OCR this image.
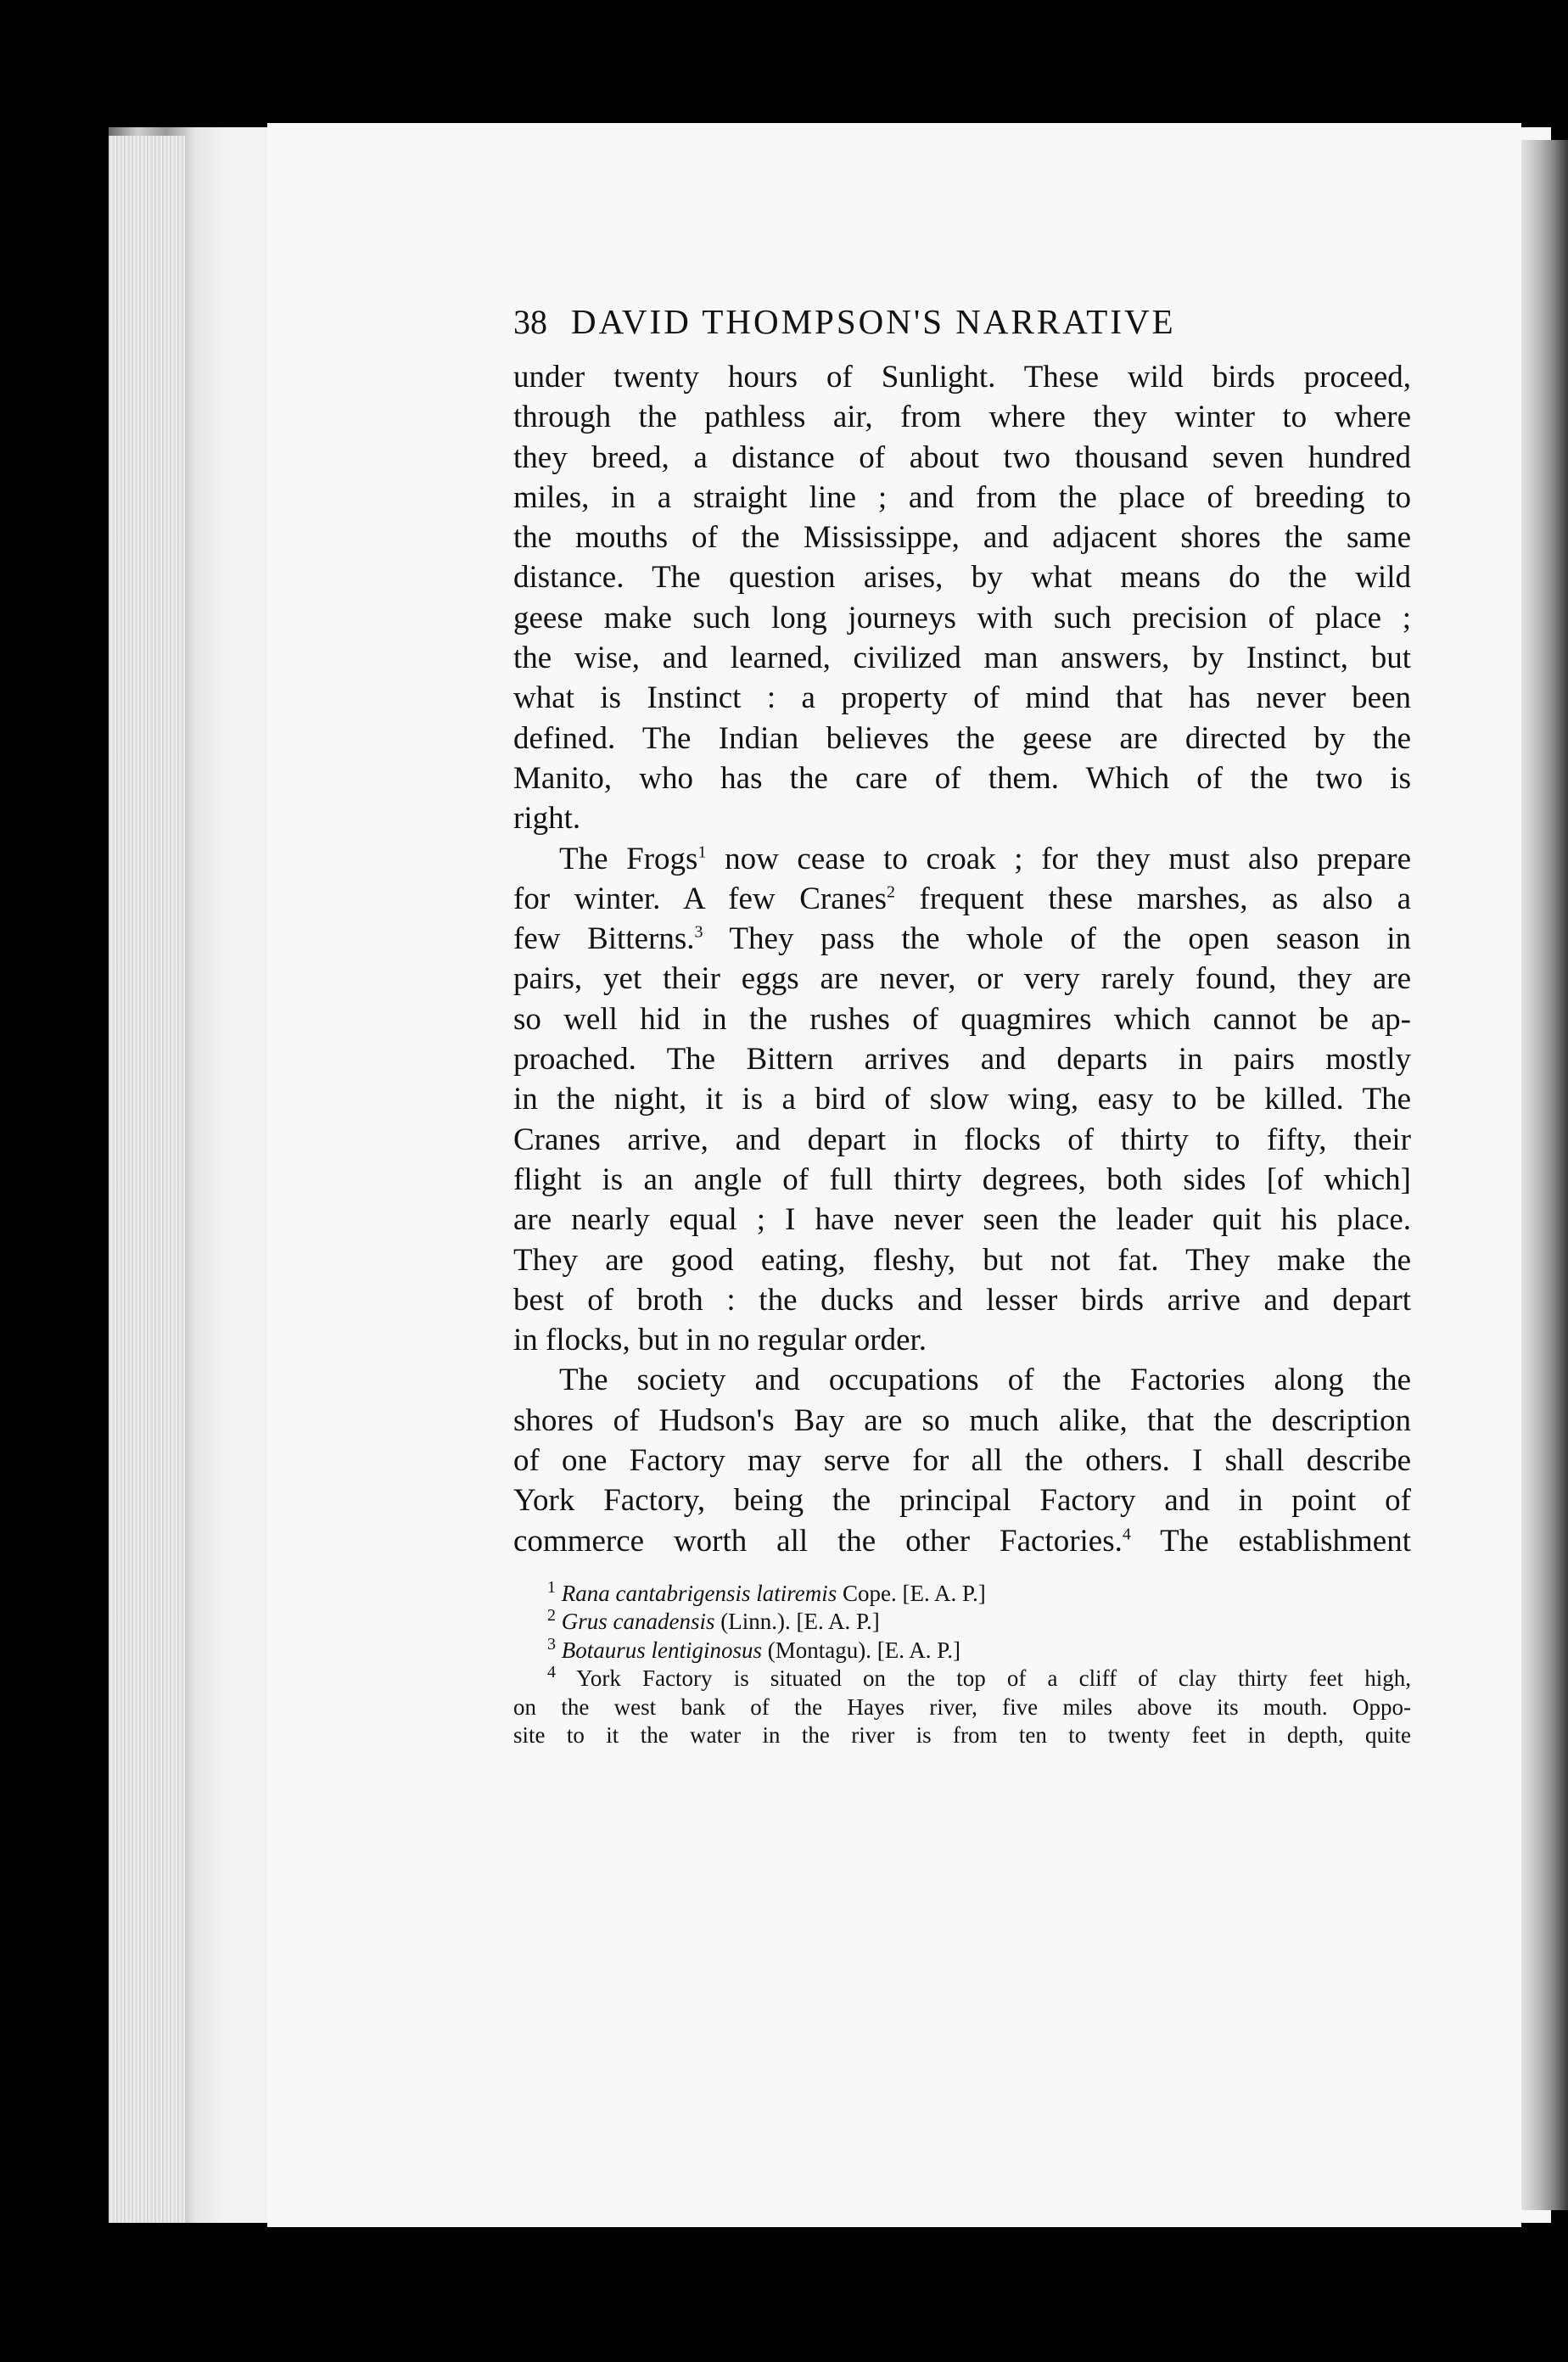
38 DAVID THOMPSON'S NARRATIVE

under twenty hours of Sunlight. These wild birds proceed,
through the pathless air, from where they winter to where
they breed, a distance of about two thousand seven hundred
miles, in a straight line ; and from the place of breeding to
the mouths of the Mississippe, and adjacent shores the same
distance. The question arises, by what means do the wild
geese make such long journeys with such precision of place ;
the wise, and learned, civilized man answers, by Instinct, but
what is Instinct : a property of mind that has never been
defined. The Indian believes the geese are directed by the
Manito, who has the care of them. Which of the two is
right.

The Frogs$^1$ now cease to croak ; for they must also prepare
for winter. A few Cranes$^2$ frequent these marshes, as also a
few Bitterns.$^3$ They pass the whole of the open season in
pairs, yet their eggs are never, or very rarely found, they are
so well hid in the rushes of quagmires which cannot be ap-
proached. The Bittern arrives and departs in pairs mostly
in the night, it is a bird of slow wing, easy to be killed. The
Cranes arrive, and depart in flocks of thirty to fifty, their
flight is an angle of full thirty degrees, both sides [of which]
are nearly equal ; I have never seen the leader quit his place.
They are good eating, fleshy, but not fat. They make the
best of broth : the ducks and lesser birds arrive and depart
in flocks, but in no regular order.

The society and occupations of the Factories along the
shores of Hudson's Bay are so much alike, that the description
of one Factory may serve for all the others. I shall describe
York Factory, being the principal Factory and in point of
commerce worth all the other Factories.$^4$ The establishment

$^1$ Rana cantabrigensis latiremis Cope. [E. A. P.]
$^2$ Grus canadensis (Linn.). [E. A. P.]
$^3$ Botaurus lentiginosus (Montagu). [E. A. P.]
$^4$ York Factory is situated on the top of a cliff of clay thirty feet high,
on the west bank of the Hayes river, five miles above its mouth. Oppo-
site to it the water in the river is from ten to twenty feet in depth, quite
